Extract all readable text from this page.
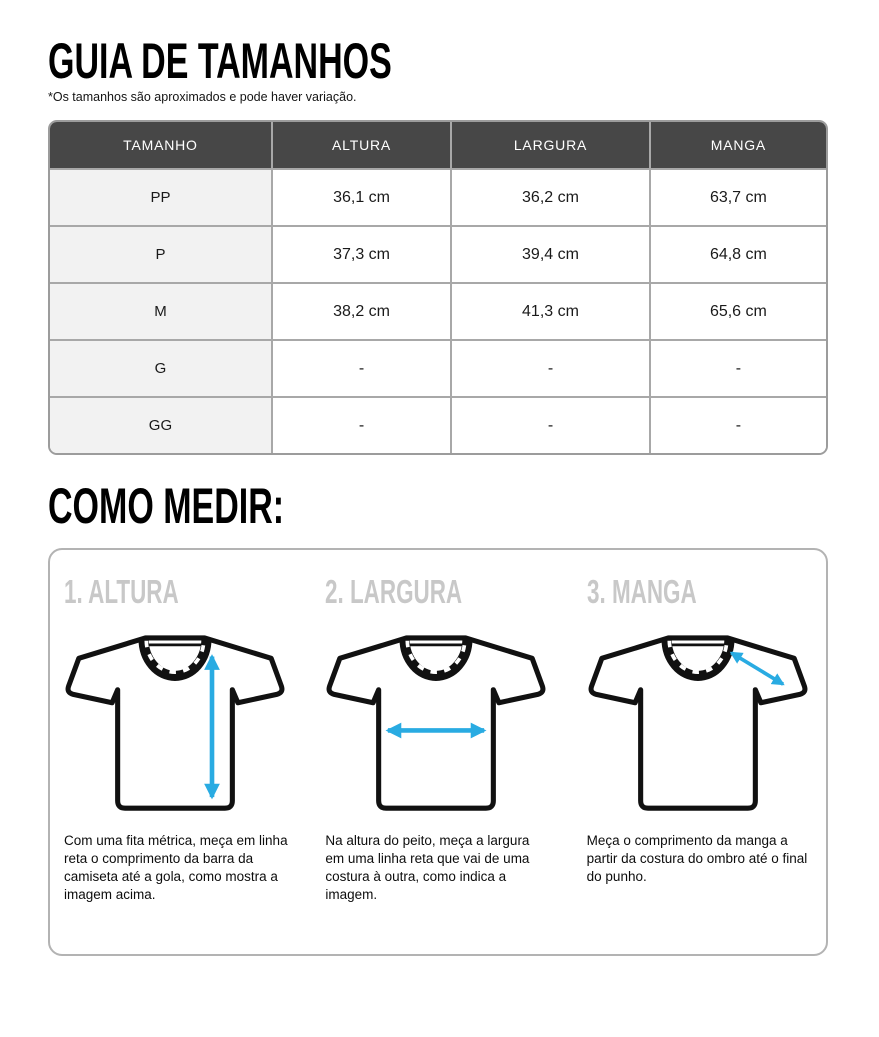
GUIA DE TAMANHOS
*Os tamanhos são aproximados e pode haver variação.
TAMANHO	ALTURA	LARGURA	MANGA
PP	36,1 cm	36,2 cm	63,7 cm
P	37,3 cm	39,4 cm	64,8 cm
M	38,2 cm	41,3 cm	65,6 cm
G	-	-	-
GG	-	-	-
COMO MEDIR:
1. ALTURA
Com uma fita métrica, meça em linha reta o comprimento da barra da camiseta até a gola, como mostra a imagem acima.
2. LARGURA
Na altura do peito, meça a largura em uma linha reta que vai de uma costura à outra, como indica a imagem.
3. MANGA
Meça o comprimento da manga a partir da costura do ombro até o final do punho.
